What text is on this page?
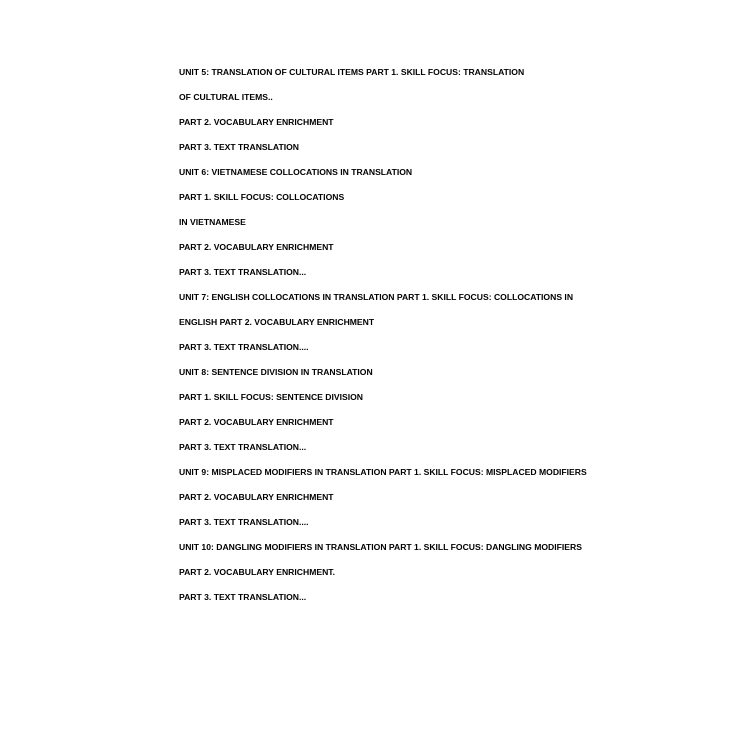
UNIT 5: TRANSLATION OF CULTURAL ITEMS PART 1. SKILL FOCUS: TRANSLATION
OF CULTURAL ITEMS..
PART 2. VOCABULARY ENRICHMENT
PART 3. TEXT TRANSLATION
UNIT 6: VIETNAMESE COLLOCATIONS IN TRANSLATION
PART 1. SKILL FOCUS: COLLOCATIONS
IN VIETNAMESE
PART 2. VOCABULARY ENRICHMENT
PART 3. TEXT TRANSLATION...
UNIT 7: ENGLISH COLLOCATIONS IN TRANSLATION PART 1. SKILL FOCUS: COLLOCATIONS IN
ENGLISH PART 2. VOCABULARY ENRICHMENT
PART 3. TEXT TRANSLATION....
UNIT 8: SENTENCE DIVISION IN TRANSLATION
PART 1. SKILL FOCUS: SENTENCE DIVISION
PART 2. VOCABULARY ENRICHMENT
PART 3. TEXT TRANSLATION...
UNIT 9: MISPLACED MODIFIERS IN TRANSLATION PART 1. SKILL FOCUS: MISPLACED MODIFIERS
PART 2. VOCABULARY ENRICHMENT
PART 3. TEXT TRANSLATION....
UNIT 10: DANGLING MODIFIERS IN TRANSLATION PART 1. SKILL FOCUS: DANGLING MODIFIERS
PART 2. VOCABULARY ENRICHMENT.
PART 3. TEXT TRANSLATION...
